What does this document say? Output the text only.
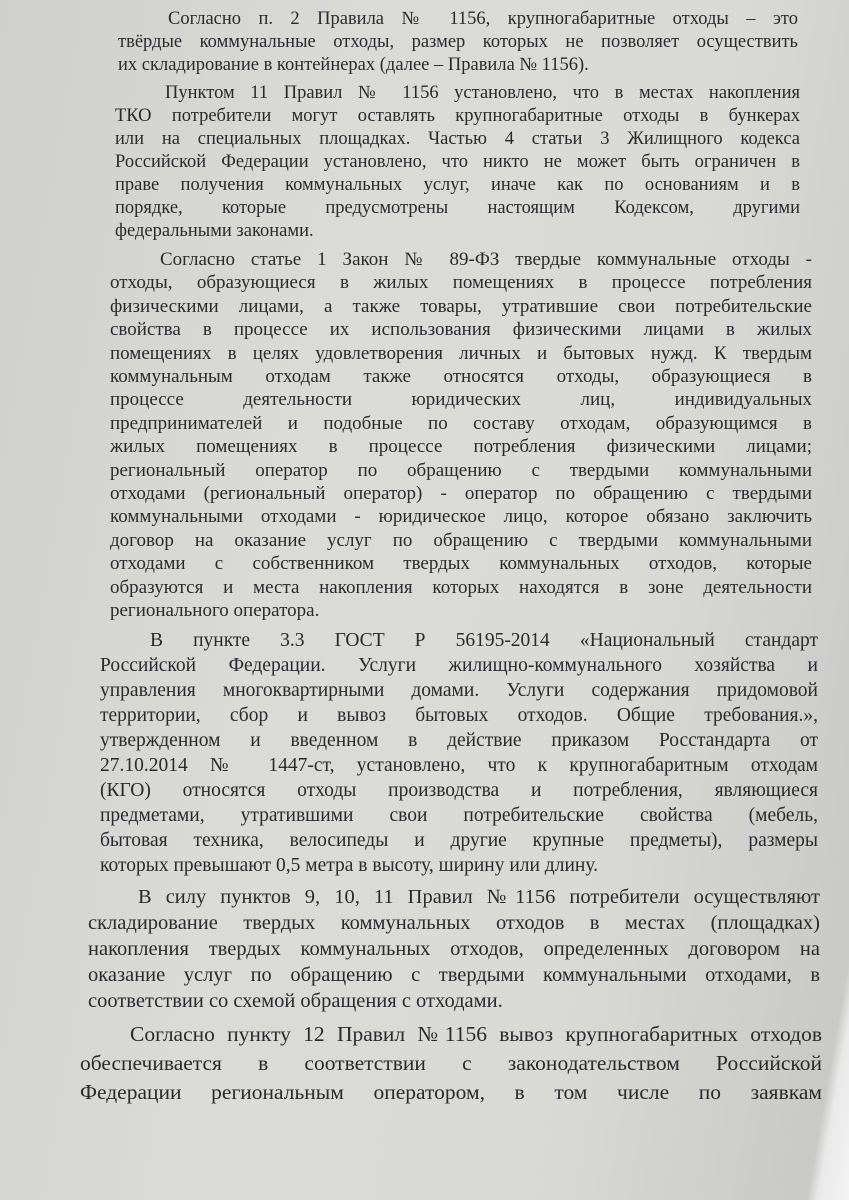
Согласно п. 2 Правила № 1156, крупногабаритные отходы – это
твёрдые коммунальные отходы, размер которых не позволяет осуществить
их складирование в контейнерах (далее – Правила № 1156).
Пунктом 11 Правил № 1156 установлено, что в местах накопления
ТКО потребители могут оставлять крупногабаритные отходы в бункерах
или на специальных площадках. Частью 4 статьи 3 Жилищного кодекса
Российской Федерации установлено, что никто не может быть ограничен в
праве получения коммунальных услуг, иначе как по основаниям и в
порядке, которые предусмотрены настоящим Кодексом, другими
федеральными законами.
Согласно статье 1 Закон № 89-ФЗ твердые коммунальные отходы -
отходы, образующиеся в жилых помещениях в процессе потребления
физическими лицами, а также товары, утратившие свои потребительские
свойства в процессе их использования физическими лицами в жилых
помещениях в целях удовлетворения личных и бытовых нужд. К твердым
коммунальным отходам также относятся отходы, образующиеся в
процессе деятельности юридических лиц, индивидуальных
предпринимателей и подобные по составу отходам, образующимся в
жилых помещениях в процессе потребления физическими лицами;
региональный оператор по обращению с твердыми коммунальными
отходами (региональный оператор) - оператор по обращению с твердыми
коммунальными отходами - юридическое лицо, которое обязано заключить
договор на оказание услуг по обращению с твердыми коммунальными
отходами с собственником твердых коммунальных отходов, которые
образуются и места накопления которых находятся в зоне деятельности
регионального оператора.
В пункте 3.3 ГОСТ Р 56195-2014 «Национальный стандарт
Российской Федерации. Услуги жилищно-коммунального хозяйства и
управления многоквартирными домами. Услуги содержания придомовой
территории, сбор и вывоз бытовых отходов. Общие требования.»,
утвержденном и введенном в действие приказом Росстандарта от
27.10.2014 № 1447-ст, установлено, что к крупногабаритным отходам
(КГО) относятся отходы производства и потребления, являющиеся
предметами, утратившими свои потребительские свойства (мебель,
бытовая техника, велосипеды и другие крупные предметы), размеры
которых превышают 0,5 метра в высоту, ширину или длину.
В силу пунктов 9, 10, 11 Правил №1156 потребители осуществляют
складирование твердых коммунальных отходов в местах (площадках)
накопления твердых коммунальных отходов, определенных договором на
оказание услуг по обращению с твердыми коммунальными отходами, в
соответствии со схемой обращения с отходами.
Согласно пункту 12 Правил №1156 вывоз крупногабаритных отходов
обеспечивается в соответствии с законодательством Российской
Федерации региональным оператором, в том числе по заявкам
